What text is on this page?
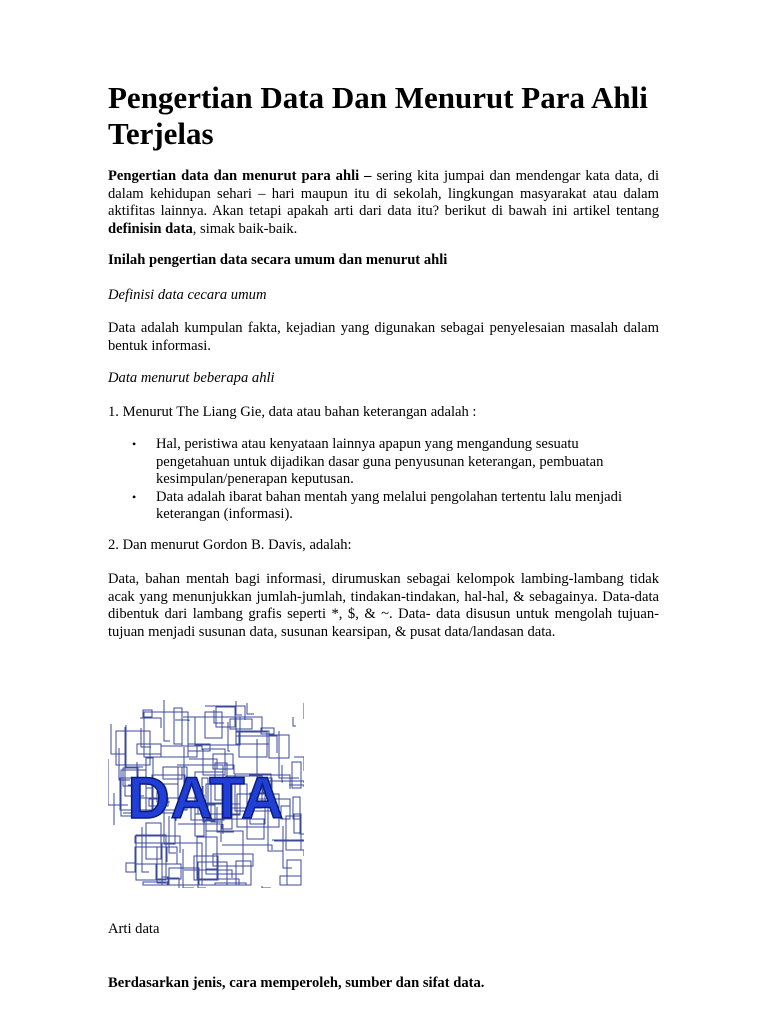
Pengertian Data Dan Menurut Para Ahli Terjelas

Pengertian data dan menurut para ahli – sering kita jumpai dan mendengar kata data, di dalam kehidupan sehari – hari maupun itu di sekolah, lingkungan masyarakat atau dalam aktifitas lainnya. Akan tetapi apakah arti dari data itu? berikut di bawah ini artikel tentang definisin data, simak baik-baik.

Inilah pengertian data secara umum dan menurut ahli

Definisi data cecara umum

Data adalah kumpulan fakta, kejadian yang digunakan sebagai penyelesaian masalah dalam bentuk informasi.

Data menurut beberapa ahli

1. Menurut The Liang Gie, data atau bahan keterangan adalah :

• Hal, peristiwa atau kenyataan lainnya apapun yang mengandung sesuatu pengetahuan untuk dijadikan dasar guna penyusunan keterangan, pembuatan kesimpulan/penerapan keputusan.
• Data adalah ibarat bahan mentah yang melalui pengolahan tertentu lalu menjadi keterangan (informasi).

2. Dan menurut Gordon B. Davis, adalah:

Data, bahan mentah bagi informasi, dirumuskan sebagai kelompok lambing-lambang tidak acak yang menunjukkan jumlah-jumlah, tindakan-tindakan, hal-hal, & sebagainya. Data-data dibentuk dari lambang grafis seperti *, $, & ~. Data- data disusun untuk mengolah tujuan-tujuan menjadi susunan data, susunan kearsipan, & pusat data/landasan data.

DATA

Arti data

Berdasarkan jenis, cara memperoleh, sumber dan sifat data.
